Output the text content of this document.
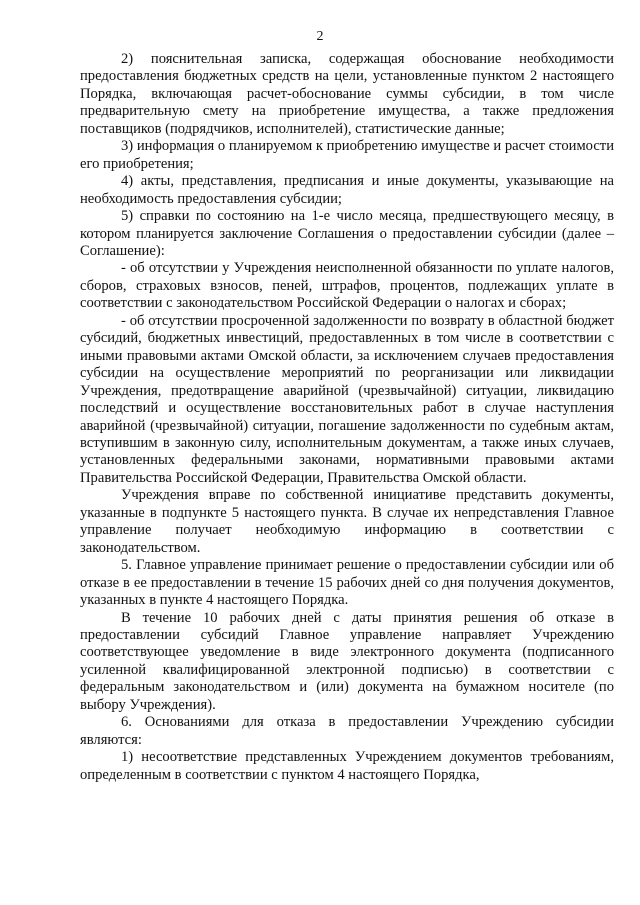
2

2) пояснительная записка, содержащая обоснование необходимости предоставления бюджетных средств на цели, установленные пунктом 2 настоящего Порядка, включающая расчет-обоснование суммы субсидии, в том числе предварительную смету на приобретение имущества, а также предложения поставщиков (подрядчиков, исполнителей), статистические данные;

3) информация о планируемом к приобретению имуществе и расчет стоимости его приобретения;

4) акты, представления, предписания и иные документы, указывающие на необходимость предоставления субсидии;

5) справки по состоянию на 1-е число месяца, предшествующего месяцу, в котором планируется заключение Соглашения о предоставлении субсидии (далее – Соглашение):

- об отсутствии у Учреждения неисполненной обязанности по уплате налогов, сборов, страховых взносов, пеней, штрафов, процентов, подлежащих уплате в соответствии с законодательством Российской Федерации о налогах и сборах;

- об отсутствии просроченной задолженности по возврату в областной бюджет субсидий, бюджетных инвестиций, предоставленных в том числе в соответствии с иными правовыми актами Омской области, за исключением случаев предоставления субсидии на осуществление мероприятий по реорганизации или ликвидации Учреждения, предотвращение аварийной (чрезвычайной) ситуации, ликвидацию последствий и осуществление восстановительных работ в случае наступления аварийной (чрезвычайной) ситуации, погашение задолженности по судебным актам, вступившим в законную силу, исполнительным документам, а также иных случаев, установленных федеральными законами, нормативными правовыми актами Правительства Российской Федерации, Правительства Омской области.

Учреждения вправе по собственной инициативе представить документы, указанные в подпункте 5 настоящего пункта. В случае их непредставления Главное управление получает необходимую информацию в соответствии с законодательством.

5. Главное управление принимает решение о предоставлении субсидии или об отказе в ее предоставлении в течение 15 рабочих дней со дня получения документов, указанных в пункте 4 настоящего Порядка.

В течение 10 рабочих дней с даты принятия решения об отказе в предоставлении субсидий Главное управление направляет Учреждению соответствующее уведомление в виде электронного документа (подписанного усиленной квалифицированной электронной подписью) в соответствии с федеральным законодательством и (или) документа на бумажном носителе (по выбору Учреждения).

6. Основаниями для отказа в предоставлении Учреждению субсидии являются:

1) несоответствие представленных Учреждением документов требованиям, определенным в соответствии с пунктом 4 настоящего Порядка,
